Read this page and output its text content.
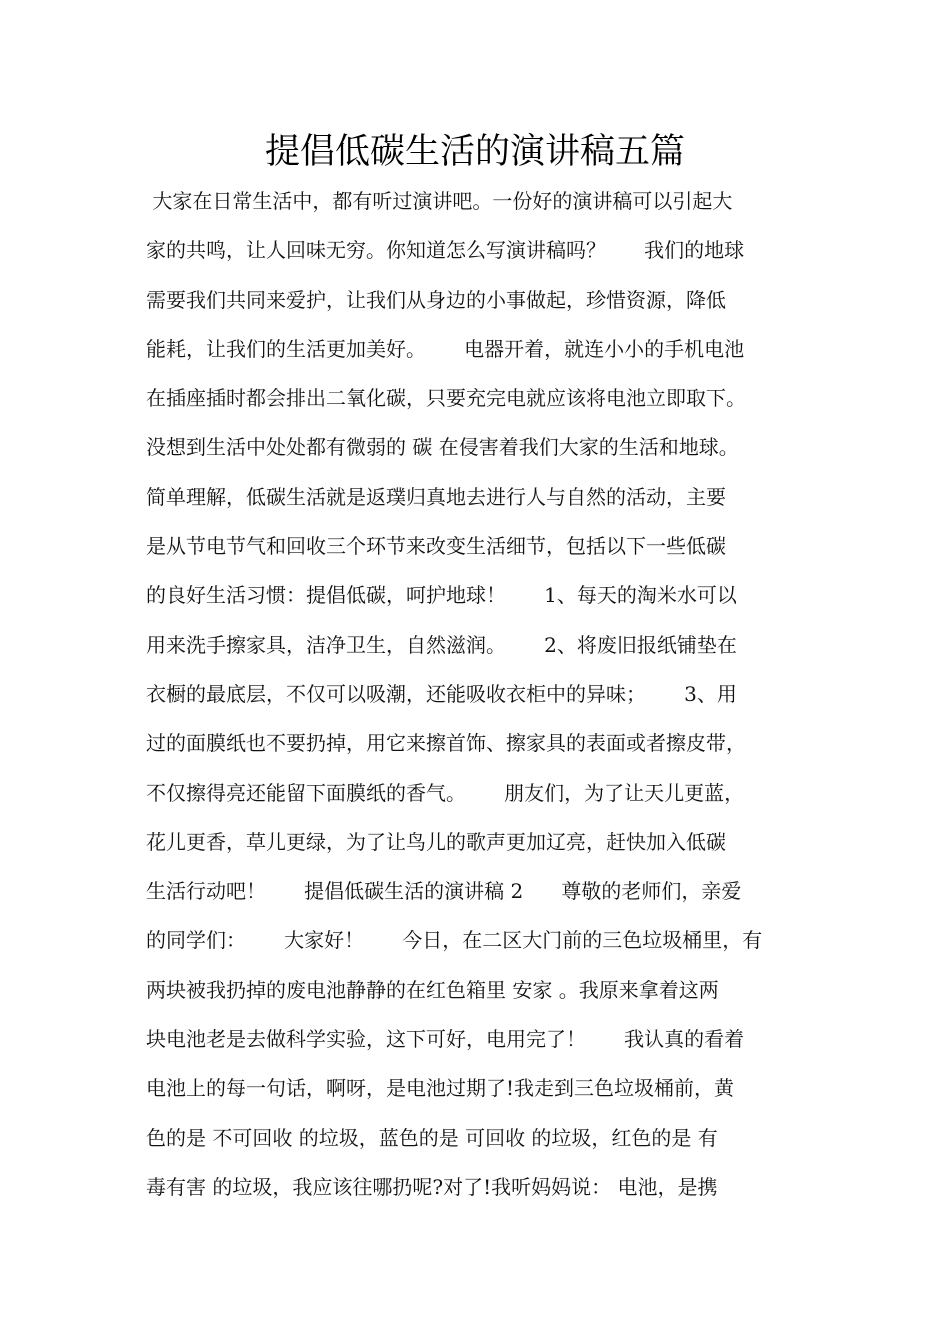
提倡低碳生活的演讲稿五篇
大家在日常生活中，都有听过演讲吧。一份好的演讲稿可以引起大
家的共鸣，让人回味无穷。你知道怎么写演讲稿吗？      我们的地球
需要我们共同来爱护，让我们从身边的小事做起，珍惜资源，降低
能耗，让我们的生活更加美好。      电器开着，就连小小的手机电池
在插座插时都会排出二氧化碳，只要充完电就应该将电池立即取下。
没想到生活中处处都有微弱的 碳 在侵害着我们大家的生活和地球。
简单理解，低碳生活就是返璞归真地去进行人与自然的活动，主要
是从节电节气和回收三个环节来改变生活细节，包括以下一些低碳
的良好生活习惯：提倡低碳，呵护地球！      1、每天的淘米水可以
用来洗手擦家具，洁净卫生，自然滋润。      2、将废旧报纸铺垫在
衣橱的最底层，不仅可以吸潮，还能吸收衣柜中的异味；      3、用
过的面膜纸也不要扔掉，用它来擦首饰、擦家具的表面或者擦皮带，
不仅擦得亮还能留下面膜纸的香气。      朋友们，为了让天儿更蓝，
花儿更香，草儿更绿，为了让鸟儿的歌声更加辽亮，赶快加入低碳
生活行动吧！      提倡低碳生活的演讲稿 2      尊敬的老师们，亲爱
的同学们：      大家好！      今日，在二区大门前的三色垃圾桶里，有
两块被我扔掉的废电池静静的在红色箱里 安家 。我原来拿着这两
块电池老是去做科学实验，这下可好，电用完了！      我认真的看着
电池上的每一句话，啊呀，是电池过期了!我走到三色垃圾桶前，黄
色的是 不可回收 的垃圾，蓝色的是 可回收 的垃圾，红色的是 有
毒有害 的垃圾，我应该往哪扔呢?对了!我听妈妈说： 电池，是携
